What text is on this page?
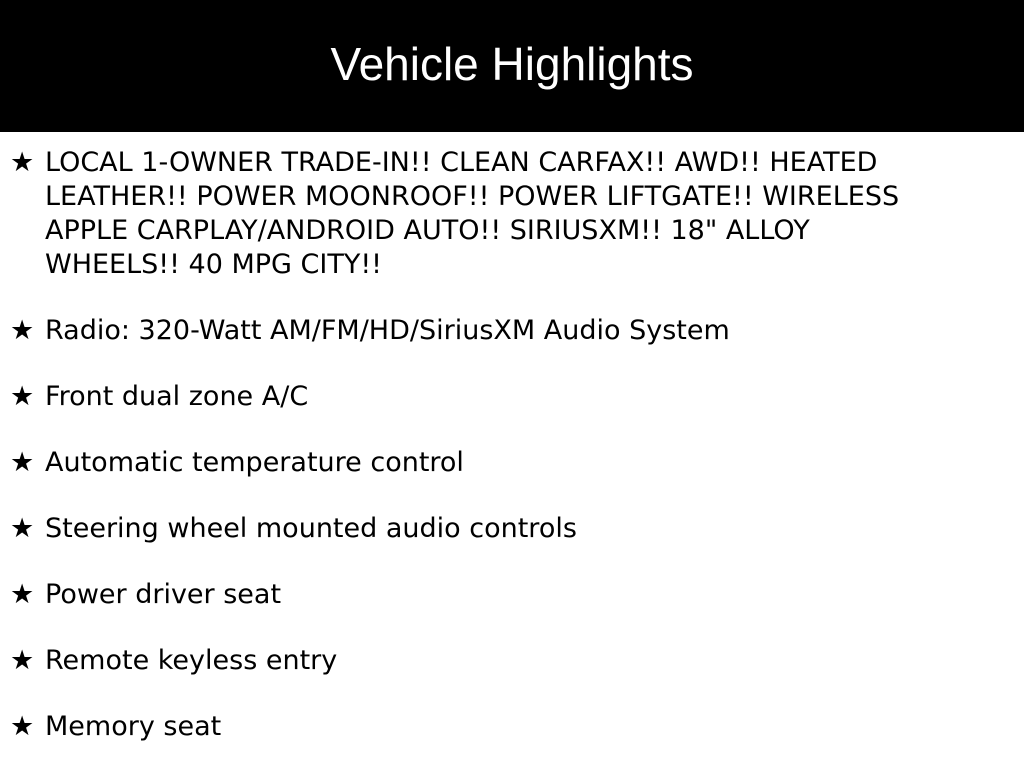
Vehicle Highlights
★ LOCAL 1-OWNER TRADE-IN!! CLEAN CARFAX!! AWD!! HEATED LEATHER!! POWER MOONROOF!! POWER LIFTGATE!! WIRELESS APPLE CARPLAY/ANDROID AUTO!! SIRIUSXM!! 18" ALLOY WHEELS!! 40 MPG CITY!!
★ Radio: 320-Watt AM/FM/HD/SiriusXM Audio System
★ Front dual zone A/C
★ Automatic temperature control
★ Steering wheel mounted audio controls
★ Power driver seat
★ Remote keyless entry
★ Memory seat
